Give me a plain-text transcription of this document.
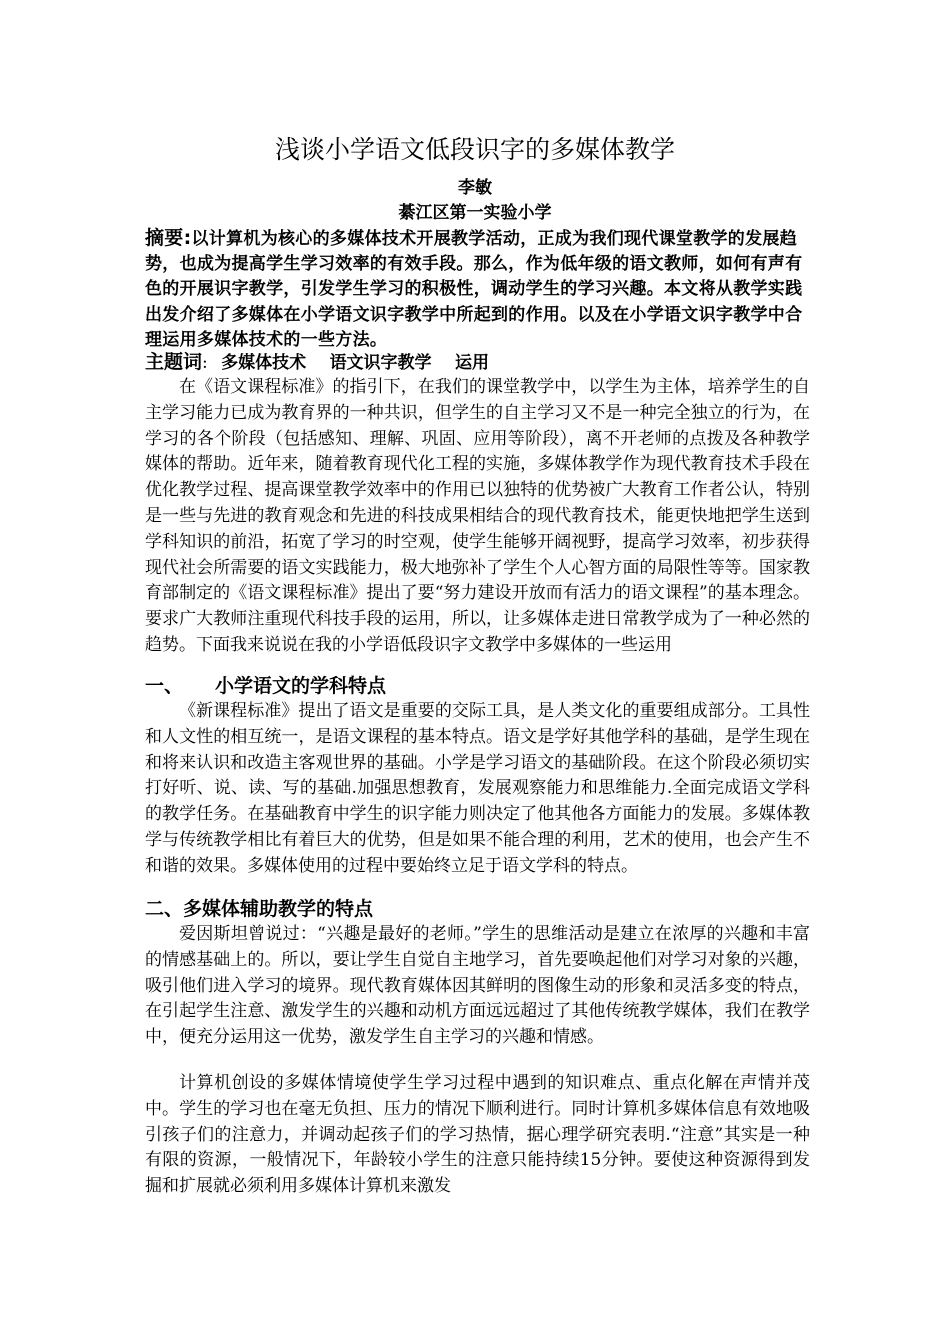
浅谈小学语文低段识字的多媒体教学
李敏
綦江区第一实验小学
摘要:以计算机为核心的多媒体技术开展教学活动，正成为我们现代课堂教学的发展趋势，也成为提高学生学习效率的有效手段。那么，作为低年级的语文教师，如何有声有色的开展识字教学，引发学生学习的积极性，调动学生的学习兴趣。本文将从教学实践出发介绍了多媒体在小学语文识字教学中所起到的作用。以及在小学语文识字教学中合理运用多媒体技术的一些方法。
主题词: 多媒体技术 语文识字教学 运用

在《语文课程标准》的指引下，在我们的课堂教学中，以学生为主体，培养学生的自主学习能力已成为教育界的一种共识，但学生的自主学习又不是一种完全独立的行为，在学习的各个阶段（包括感知、理解、巩固、应用等阶段），离不开老师的点拨及各种教学媒体的帮助。近年来，随着教育现代化工程的实施，多媒体教学作为现代教育技术手段在优化教学过程、提高课堂教学效率中的作用已以独特的优势被广大教育工作者公认，特别是一些与先进的教育观念和先进的科技成果相结合的现代教育技术，能更快地把学生送到学科知识的前沿，拓宽了学习的时空观，使学生能够开阔视野，提高学习效率，初步获得现代社会所需要的语文实践能力，极大地弥补了学生个人心智方面的局限性等等。国家教育部制定的《语文课程标准》提出了要“努力建设开放而有活力的语文课程”的基本理念。要求广大教师注重现代科技手段的运用，所以，让多媒体走进日常教学成为了一种必然的趋势。下面我来说说在我的小学语低段识字文教学中多媒体的一些运用

一、 小学语文的学科特点

《新课程标准》提出了语文是重要的交际工具，是人类文化的重要组成部分。工具性和人文性的相互统一，是语文课程的基本特点。语文是学好其他学科的基础，是学生现在和将来认识和改造主客观世界的基础。小学是学习语文的基础阶段。在这个阶段必须切实打好听、说、读、写的基础.加强思想教育，发展观察能力和思维能力.全面完成语文学科的教学任务。在基础教育中学生的识字能力则决定了他其他各方面能力的发展。多媒体教学与传统教学相比有着巨大的优势，但是如果不能合理的利用，艺术的使用，也会产生不和谐的效果。多媒体使用的过程中要始终立足于语文学科的特点。

二、多媒体辅助教学的特点

爱因斯坦曾说过：“兴趣是最好的老师。”学生的思维活动是建立在浓厚的兴趣和丰富的情感基础上的。所以，要让学生自觉自主地学习，首先要唤起他们对学习对象的兴趣，吸引他们进入学习的境界。现代教育媒体因其鲜明的图像生动的形象和灵活多变的特点，在引起学生注意、激发学生的兴趣和动机方面远远超过了其他传统教学媒体，我们在教学中，便充分运用这一优势，激发学生自主学习的兴趣和情感。

计算机创设的多媒体情境使学生学习过程中遇到的知识难点、重点化解在声情并茂中。学生的学习也在毫无负担、压力的情况下顺利进行。同时计算机多媒体信息有效地吸引孩子们的注意力，并调动起孩子们的学习热情，据心理学研究表明.“注意”其实是一种有限的资源，一般情况下，年龄较小学生的注意只能持续15分钟。要使这种资源得到发掘和扩展就必须利用多媒体计算机来激发
